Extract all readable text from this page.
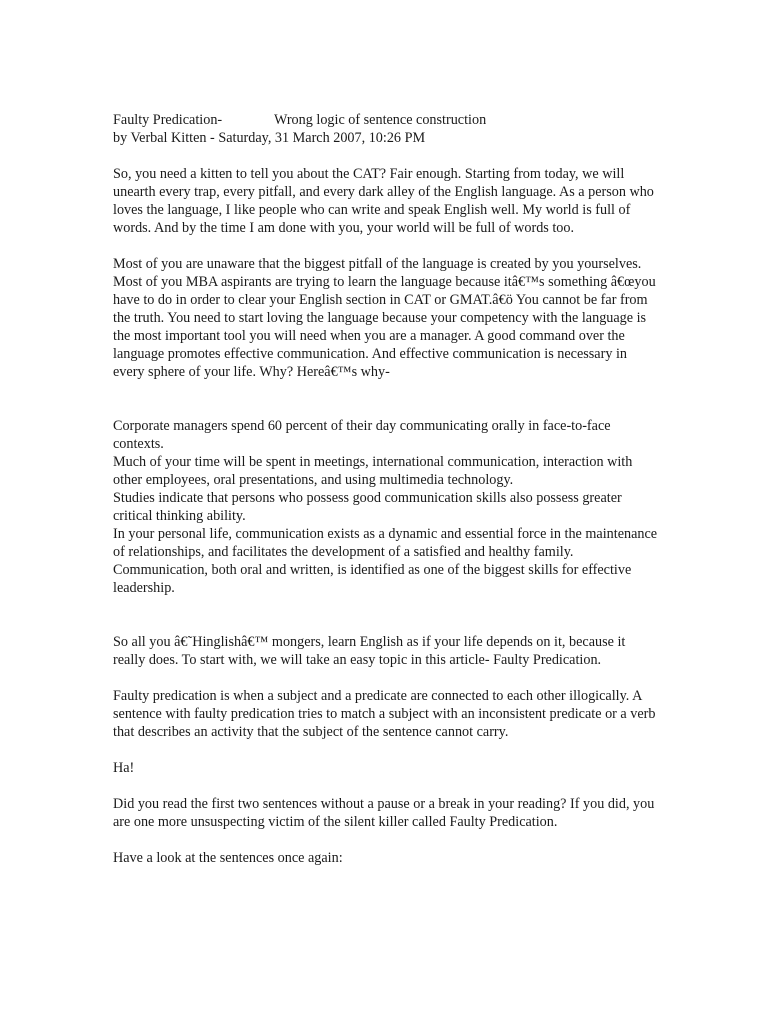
Faulty Predication-	Wrong logic of sentence construction

by Verbal Kitten - Saturday, 31 March 2007, 10:26 PM

So, you need a kitten to tell you about the CAT? Fair enough. Starting from today, we will unearth every trap, every pitfall, and every dark alley of the English language. As a person who loves the language, I like people who can write and speak English well. My world is full of words. And by the time I am done with you, your world will be full of words too.

Most of you are unaware that the biggest pitfall of the language is created by you yourselves. Most of you MBA aspirants are trying to learn the language because itâ€™s something â€œyou have to do in order to clear your English section in CAT or GMAT.â€ö You cannot be far from the truth. You need to start loving the language because your competency with the language is the most important tool you will need when you are a manager. A good command over the language promotes effective communication. And effective communication is necessary in every sphere of your life. Why? Hereâ€™s why-

Corporate managers spend 60 percent of their day communicating orally in face-to-face contexts.

Much of your time will be spent in meetings, international communication, interaction with other employees, oral presentations, and using multimedia technology.

Studies indicate that persons who possess good communication skills also possess greater critical thinking ability.

In your personal life, communication exists as a dynamic and essential force in the maintenance of relationships, and facilitates the development of a satisfied and healthy family.

Communication, both oral and written, is identified as one of the biggest skills for effective leadership.

So all you â€˜Hinglishâ€™ mongers, learn English as if your life depends on it, because it really does. To start with, we will take an easy topic in this article- Faulty Predication.

Faulty predication is when a subject and a predicate are connected to each other illogically. A sentence with faulty predication tries to match a subject with an inconsistent predicate or a verb that describes an activity that the subject of the sentence cannot carry.

Ha!

Did you read the first two sentences without a pause or a break in your reading? If you did, you are one more unsuspecting victim of the silent killer called Faulty Predication.

Have a look at the sentences once again:
